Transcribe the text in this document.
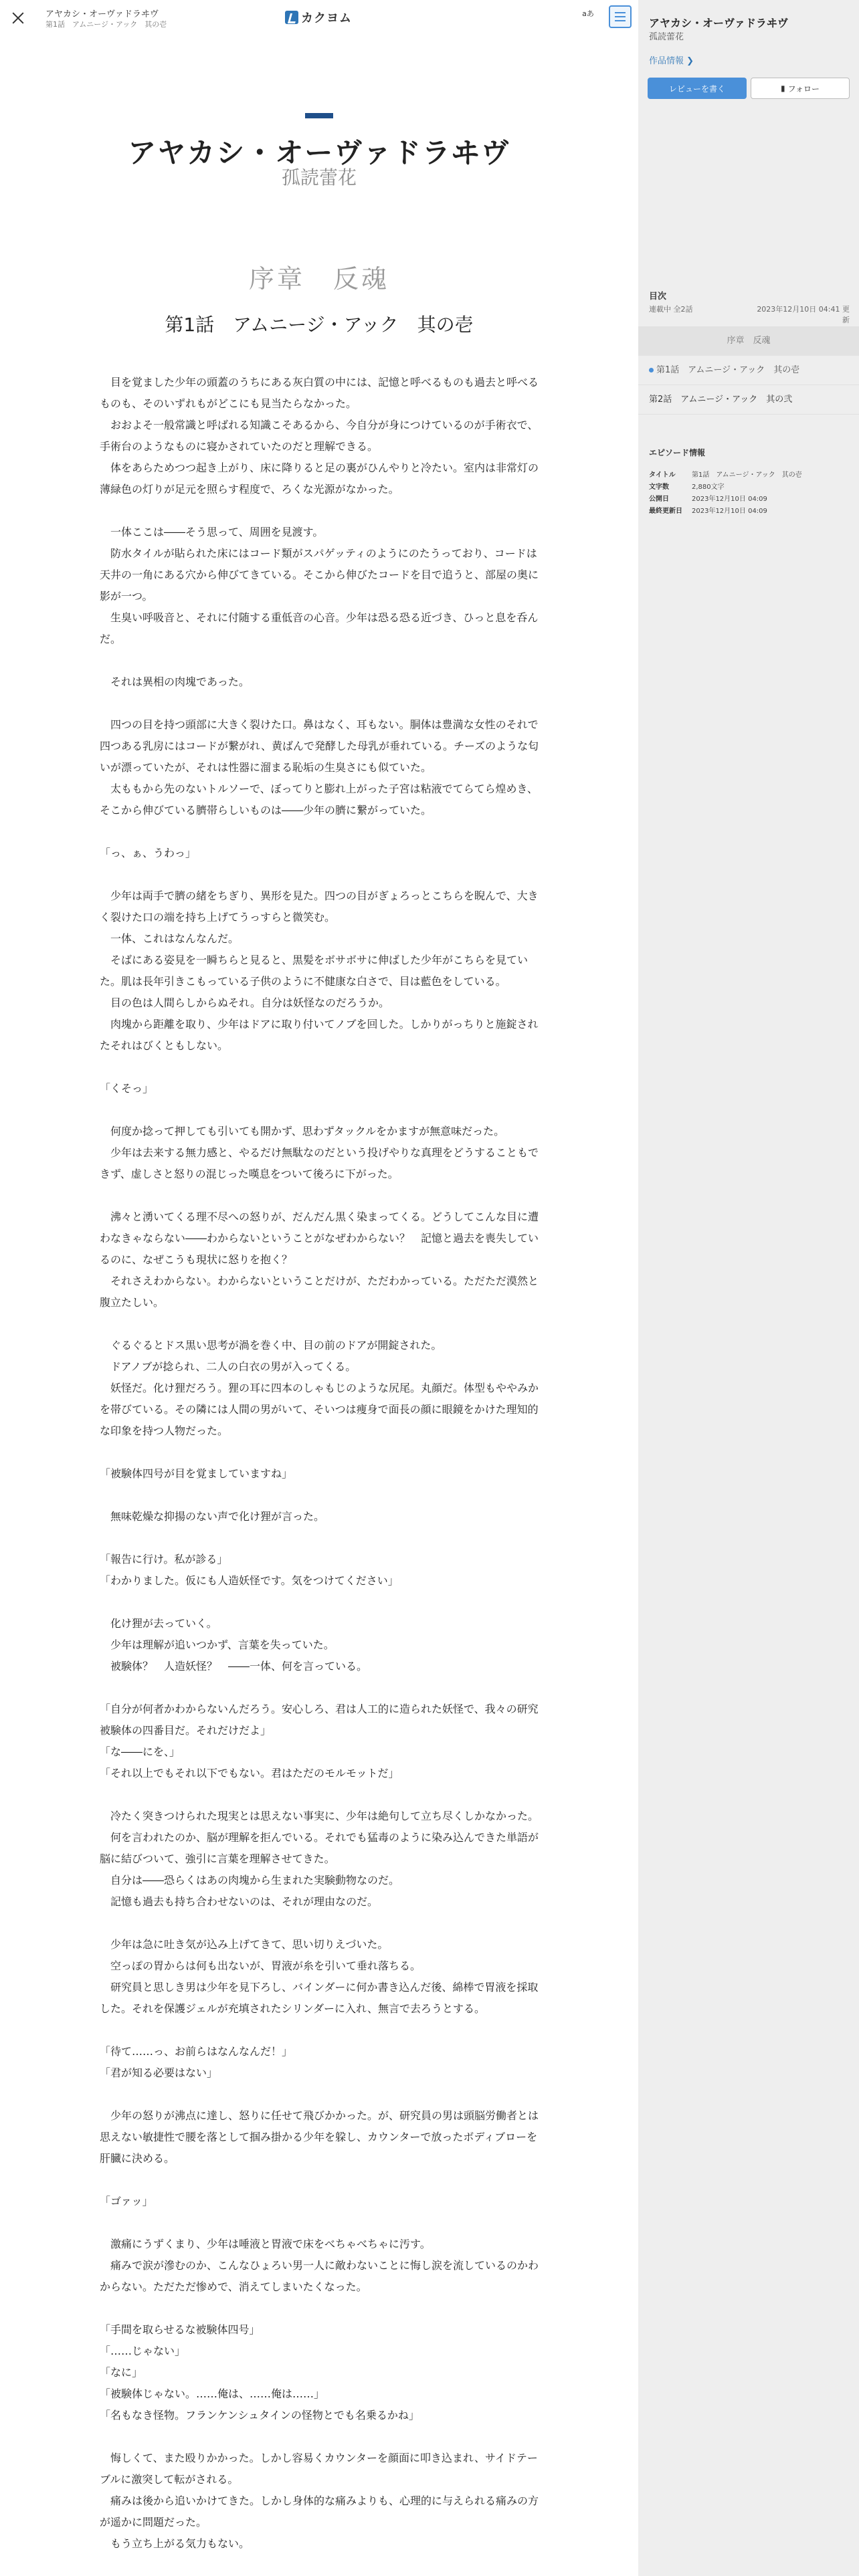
アヤカシ・オーヴァドラヰヴ
第1話　アムニージ・アック　其の壱	カクヨム	aあ
アヤカシ・オーヴァドラヰヴ
孤読蕾花
序章　反魂
第1話　アムニージ・アック　其の壱

　目を覚ました少年の頭蓋のうちにある灰白質の中には、記憶と呼べるものも過去と呼べるものも、そのいずれもがどこにも見当たらなかった。

　おおよそ一般常識と呼ばれる知識こそあるから、今自分が身につけているのが手術衣で、手術台のようなものに寝かされていたのだと理解できる。

　体をあらためつつ起き上がり、床に降りると足の裏がひんやりと冷たい。室内は非常灯の薄緑色の灯りが足元を照らす程度で、ろくな光源がなかった。

　一体ここは――そう思って、周囲を見渡す。

　防水タイルが貼られた床にはコード類がスパゲッティのようにのたうっており、コードは天井の一角にある穴から伸びてきている。そこから伸びたコードを目で追うと、部屋の奥に影が一つ。

　生臭い呼吸音と、それに付随する重低音の心音。少年は恐る恐る近づき、ひっと息を呑んだ。

　それは異相の肉塊であった。

　四つの目を持つ頭部に大きく裂けた口。鼻はなく、耳もない。胴体は豊満な女性のそれで四つある乳房にはコードが繋がれ、黄ばんで発酵した母乳が垂れている。チーズのような匂いが漂っていたが、それは性器に溜まる恥垢の生臭さにも似ていた。

　太ももから先のないトルソーで、ぼってりと膨れ上がった子宮は粘液でてらてら煌めき、そこから伸びている臍帯らしいものは――少年の臍に繋がっていた。

「っ、ぁ、うわっ」

　少年は両手で臍の緒をちぎり、異形を見た。四つの目がぎょろっとこちらを睨んで、大きく裂けた口の端を持ち上げてうっすらと微笑む。

　一体、これはなんなんだ。

　そばにある姿見を一瞬ちらと見ると、黒髪をボサボサに伸ばした少年がこちらを見ていた。肌は長年引きこもっている子供のように不健康な白さで、目は藍色をしている。

　目の色は人間らしからぬそれ。自分は妖怪なのだろうか。

　肉塊から距離を取り、少年はドアに取り付いてノブを回した。しかりがっちりと施錠されたそれはびくともしない。

「くそっ」

　何度か捻って押しても引いても開かず、思わずタックルをかますが無意味だった。

　少年は去来する無力感と、やるだけ無駄なのだという投げやりな真理をどうすることもできず、虚しさと怒りの混じった嘆息をついて後ろに下がった。

　沸々と湧いてくる理不尽への怒りが、だんだん黒く染まってくる。どうしてこんな目に遭わなきゃならない――わからないということがなぜわからない？　記憶と過去を喪失しているのに、なぜこうも現状に怒りを抱く？

　それさえわからない。わからないということだけが、ただわかっている。ただただ漠然と腹立たしい。

　ぐるぐるとドス黒い思考が渦を巻く中、目の前のドアが開錠された。

　ドアノブが捻られ、二人の白衣の男が入ってくる。

　妖怪だ。化け狸だろう。狸の耳に四本のしゃもじのような尻尾。丸顔だ。体型もややみかを帯びている。その隣には人間の男がいて、そいつは痩身で面長の顔に眼鏡をかけた理知的な印象を持つ人物だった。

「被験体四号が目を覚ましていますね」

　無味乾燥な抑揚のない声で化け狸が言った。

「報告に行け。私が診る」

「わかりました。仮にも人造妖怪です。気をつけてください」

　化け狸が去っていく。

　少年は理解が追いつかず、言葉を失っていた。

　被験体？　人造妖怪？　――一体、何を言っている。

「自分が何者かわからないんだろう。安心しろ、君は人工的に造られた妖怪で、我々の研究被験体の四番目だ。それだけだよ」

「な――にを、」

「それ以上でもそれ以下でもない。君はただのモルモットだ」

　冷たく突きつけられた現実とは思えない事実に、少年は絶句して立ち尽くしかなかった。

　何を言われたのか、脳が理解を拒んでいる。それでも猛毒のように染み込んできた単語が脳に結びついて、強引に言葉を理解させてきた。

　自分は――恐らくはあの肉塊から生まれた実験動物なのだ。

　記憶も過去も持ち合わせないのは、それが理由なのだ。

　少年は急に吐き気が込み上げてきて、思い切りえづいた。

　空っぽの胃からは何も出ないが、胃液が糸を引いて垂れ落ちる。

　研究員と思しき男は少年を見下ろし、バインダーに何か書き込んだ後、綿棒で胃液を採取した。それを保護ジェルが充填されたシリンダーに入れ、無言で去ろうとする。

「待て……っ、お前らはなんなんだ！」

「君が知る必要はない」

　少年の怒りが沸点に達し、怒りに任せて飛びかかった。が、研究員の男は頭脳労働者とは思えない敏捷性で腰を落として掴み掛かる少年を躱し、カウンターで放ったボディブローを肝臓に決める。

「ゴァッ」

　激痛にうずくまり、少年は唾液と胃液で床をべちゃべちゃに汚す。

　痛みで涙が滲むのか、こんなひょろい男一人に敵わないことに悔し涙を流しているのかわからない。ただただ惨めで、消えてしまいたくなった。

「手間を取らせるな被験体四号」

「……じゃない」

「なに」

「被験体じゃない。……俺は、……俺は……」

「名もなき怪物。フランケンシュタインの怪物とでも名乗るかね」

　悔しくて、また殴りかかった。しかし容易くカウンターを顔面に叩き込まれ、サイドテーブルに激突して転がされる。

　痛みは後から追いかけてきた。しかし身体的な痛みよりも、心理的に与えられる痛みの方が遥かに問題だった。

　もう立ち上がる気力もない。

アヤカシ・オーヴァドラヰヴ
孤読蕾花
作品情報 ❯
レビューを書く	▮ フォロー
目次
連載中 全2話	2023年12月10日 04:41 更新
序章　反魂
第1話　アムニージ・アック　其の壱
第2話　アムニージ・アック　其の弐
エピソード情報
タイトル	第1話　アムニージ・アック　其の壱
文字数	2,880文字
公開日	2023年12月10日 04:09
最終更新日	2023年12月10日 04:09
